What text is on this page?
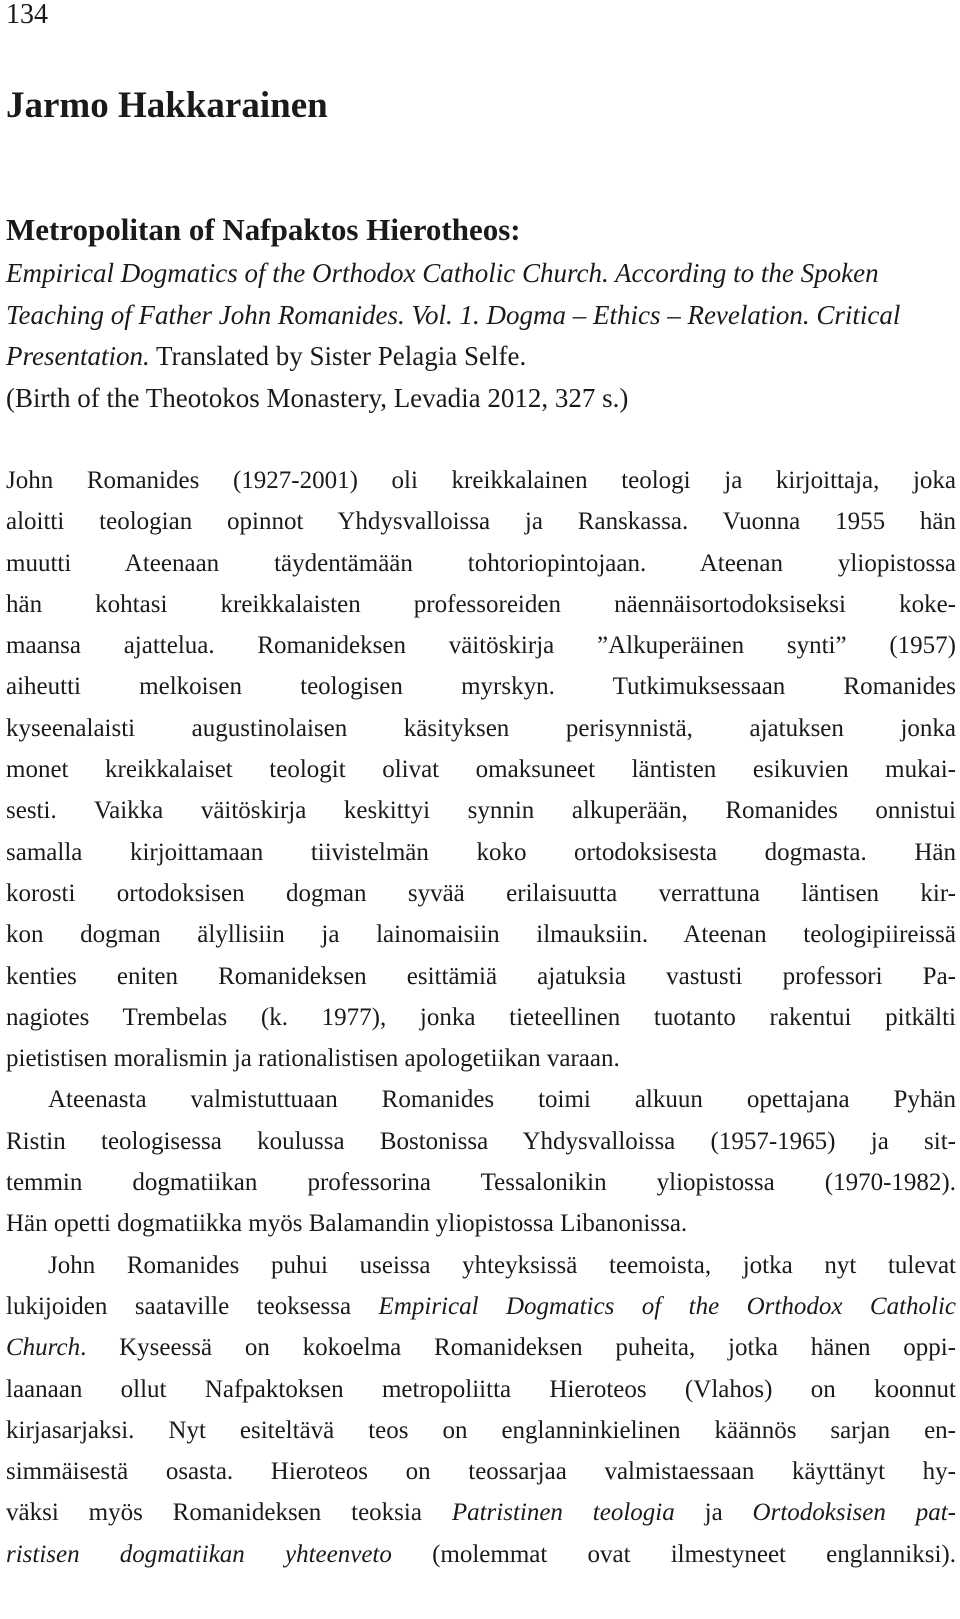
134
Jarmo Hakkarainen
Metropolitan of Nafpaktos Hierotheos:
Empirical Dogmatics of the Orthodox Catholic Church. According to the Spoken
Teaching of Father John Romanides. Vol. 1. Dogma – Ethics – Revelation. Critical
Presentation. Translated by Sister Pelagia Selfe.
(Birth of the Theotokos Monastery, Levadia 2012, 327 s.)
John Romanides (1927-2001) oli kreikkalainen teologi ja kirjoittaja, joka
aloitti teologian opinnot Yhdysvalloissa ja Ranskassa. Vuonna 1955 hän
muutti Ateenaan täydentämään tohtoriopintojaan. Ateenan yliopistossa
hän kohtasi kreikkalaisten professoreiden näennäisortodoksiseksi koke-
maansa ajattelua. Romanideksen väitöskirja ”Alkuperäinen synti” (1957)
aiheutti melkoisen teologisen myrskyn. Tutkimuksessaan Romanides
kyseenalaisti augustinolaisen käsityksen perisynnistä, ajatuksen jonka
monet kreikkalaiset teologit olivat omaksuneet läntisten esikuvien mukai-
sesti. Vaikka väitöskirja keskittyi synnin alkuperään, Romanides onnistui
samalla kirjoittamaan tiivistelmän koko ortodoksisesta dogmasta. Hän
korosti ortodoksisen dogman syvää erilaisuutta verrattuna läntisen kir-
kon dogman älyllisiin ja lainomaisiin ilmauksiin. Ateenan teologipiireissä
kenties eniten Romanideksen esittämiä ajatuksia vastusti professori Pa-
nagiotes Trembelas (k. 1977), jonka tieteellinen tuotanto rakentui pitkälti
pietistisen moralismin ja rationalistisen apologetiikan varaan.
Ateenasta valmistuttuaan Romanides toimi alkuun opettajana Pyhän
Ristin teologisessa koulussa Bostonissa Yhdysvalloissa (1957-1965) ja sit-
temmin dogmatiikan professorina Tessalonikin yliopistossa (1970-1982).
Hän opetti dogmatiikka myös Balamandin yliopistossa Libanonissa.
John Romanides puhui useissa yhteyksissä teemoista, jotka nyt tulevat
lukijoiden saataville teoksessa Empirical Dogmatics of the Orthodox Catholic
Church. Kyseessä on kokoelma Romanideksen puheita, jotka hänen oppi-
laanaan ollut Nafpaktoksen metropoliitta Hieroteos (Vlahos) on koonnut
kirjasarjaksi. Nyt esiteltävä teos on englanninkielinen käännös sarjan en-
simmäisestä osasta. Hieroteos on teossarjaa valmistaessaan käyttänyt hy-
väksi myös Romanideksen teoksia Patristinen teologia ja Ortodoksisen pat-
ristisen dogmatiikan yhteenveto (molemmat ovat ilmestyneet englanniksi).
